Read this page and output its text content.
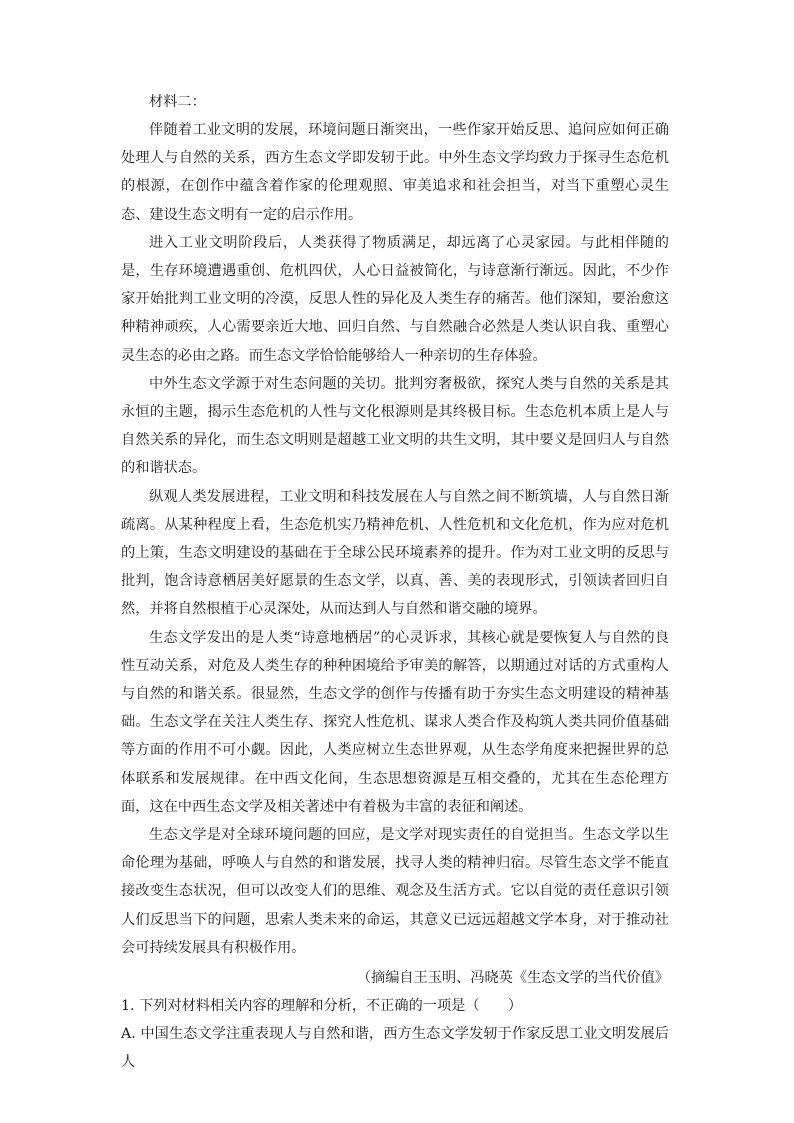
材料二：

伴随着工业文明的发展，环境问题日渐突出，一些作家开始反思、追问应如何正确处理人与自然的关系，西方生态文学即发轫于此。中外生态文学均致力于探寻生态危机的根源，在创作中蕴含着作家的伦理观照、审美追求和社会担当，对当下重塑心灵生态、建设生态文明有一定的启示作用。

进入工业文明阶段后，人类获得了物质满足，却远离了心灵家园。与此相伴随的是，生存环境遭遇重创、危机四伏，人心日益被简化，与诗意渐行渐远。因此，不少作家开始批判工业文明的冷漠，反思人性的异化及人类生存的痛苦。他们深知，要治愈这种精神顽疾，人心需要亲近大地、回归自然、与自然融合必然是人类认识自我、重塑心灵生态的必由之路。而生态文学恰恰能够给人一种亲切的生存体验。

中外生态文学源于对生态问题的关切。批判穷奢极欲，探究人类与自然的关系是其永恒的主题，揭示生态危机的人性与文化根源则是其终极目标。生态危机本质上是人与自然关系的异化，而生态文明则是超越工业文明的共生文明，其中要义是回归人与自然的和谐状态。

纵观人类发展进程，工业文明和科技发展在人与自然之间不断筑墙，人与自然日渐疏离。从某种程度上看，生态危机实乃精神危机、人性危机和文化危机，作为应对危机的上策，生态文明建设的基础在于全球公民环境素养的提升。作为对工业文明的反思与批判，饱含诗意栖居美好愿景的生态文学，以真、善、美的表现形式，引领读者回归自然，并将自然根植于心灵深处，从而达到人与自然和谐交融的境界。

生态文学发出的是人类“诗意地栖居”的心灵诉求，其核心就是要恢复人与自然的良性互动关系，对危及人类生存的种种困境给予审美的解答，以期通过对话的方式重构人与自然的和谐关系。很显然，生态文学的创作与传播有助于夯实生态文明建设的精神基础。生态文学在关注人类生存、探究人性危机、谋求人类合作及构筑人类共同价值基础等方面的作用不可小觑。因此，人类应树立生态世界观，从生态学角度来把握世界的总体联系和发展规律。在中西文化间，生态思想资源是互相交叠的，尤其在生态伦理方面，这在中西生态文学及相关著述中有着极为丰富的表征和阐述。

生态文学是对全球环境问题的回应，是文学对现实责任的自觉担当。生态文学以生命伦理为基础，呼唤人与自然的和谐发展，找寻人类的精神归宿。尽管生态文学不能直接改变生态状况，但可以改变人们的思维、观念及生活方式。它以自觉的责任意识引领人们反思当下的问题，思索人类未来的命运，其意义已远远超越文学本身，对于推动社会可持续发展具有积极作用。

（摘编自王玉明、冯晓英《生态文学的当代价值》

1. 下列对材料相关内容的理解和分析，不正确的一项是（　　）

A. 中国生态文学注重表现人与自然和谐，西方生态文学发轫于作家反思工业文明发展后人
